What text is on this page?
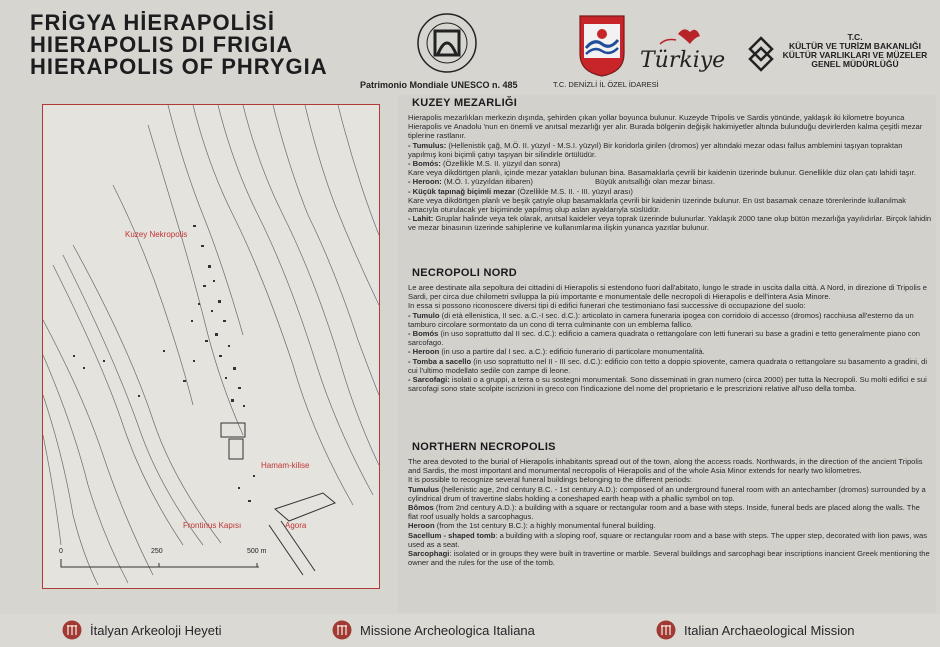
FRİGYA HİERAPOLİSİ
HIERAPOLIS DI FRIGIA
HIERAPOLIS OF PHRYGIA
Patrimonio Mondiale UNESCO n. 485	T.C. DENİZLİ İL ÖZEL İDARESİ
Türkiye
T.C.
KÜLTÜR VE TURİZM BAKANLIĞI
KÜLTÜR VARLIKLARI VE MÜZELER
GENEL MÜDÜRLÜĞÜ
Kuzey Nekropolis
Hamam-kilise
Frontinus Kapısı	Agora
0	250	500 m
KUZEY MEZARLIĞI

Hierapolis mezarlıkları merkezin dışında, şehirden çıkan yollar boyunca bulunur. Kuzeyde Tripolis ve Sardis yönünde, yaklaşık iki kilometre boyunca Hierapolis ve Anadolu 'nun en önemli ve anıtsal mezarlığı yer alır. Burada bölgenin değişik hakimiyetler altında bulunduğu devirlerden kalma çeşitli mezar tiplerine rastlanır.

- Tumulus: (Hellenistik çağ, M.Ö. II. yüzyıl - M.S.I. yüzyıl) Bir koridorla girilen (dromos) yer altındaki mezar odası fallus amblemini taşıyan topraktan yapılmış koni biçimli çatıyı taşıyan bir silindirle örtülüdür.

- Bomós: (Özellikle M.S. II. yüzyıl dan sonra)

Kare veya dikdörtgen planlı, içinde mezar yatakları bulunan bina. Basamaklarla çevrili bir kaidenin üzerinde bulunur. Genellikle düz olan çatı lahidi taşır.

- Heroon: (M.Ö. I. yüzyıldan itibaren)	Büyük anıtsallığı olan mezar binası.

- Küçük tapınağ biçimli mezar (Özellikle M.S. II. - III. yüzyıl arası)

Kare veya dikdörtgen planlı ve beşik çatıyle olup basamaklarla çevrili bir kaidenin üzerinde bulunur. En üst basamak cenaze törenlerinde kullanılmak amacıyla oturulacak yer biçiminde yapılmış olup aslan ayaklarıyla süslüdür.

- Lahit: Gruplar halinde veya tek olarak, anıtsal kaideler veya toprak üzerinde bulunurlar. Yaklaşık 2000 tane olup bütün mezarlığa yayılıdırlar. Birçok lahidin ve mezar binasının üzerinde sahiplerine ve kullanımlarına ilişkin yunanca yazıtlar bulunur.

NECROPOLI NORD

Le aree destinate alla sepoltura dei cittadini di Hierapolis si estendono fuori dall'abitato, lungo le strade in uscita dalla città. A Nord, in direzione di Tripolis e Sardi, per circa due chilometri sviluppa la più importante e monumentale delle necropoli di Hierapolis e dell'intera Asia Minore.

In essa si possono riconoscere diversi tipi di edifici funerari che testimoniano fasi successive di occupazione del suolo:

- Tumulo (di età ellenistica, II sec. a.C.-I sec. d.C.): articolato in camera funeraria ipogea con corridoio di accesso (dromos) racchiusa all'esterno da un tamburo circolare sormontato da un cono di terra culminante con un emblema fallico.

- Bomós (in uso soprattutto dal II sec. d.C.): edificio a camera quadrata o rettangolare con letti funerari su base a gradini e tetto generalmente piano con sarcofago.

- Heroon (in uso a partire dal I sec. a.C.): edificio funerario di particolare monumentalità.

- Tomba a sacello (in uso soprattutto nel II - III sec. d.C.): edificio con tetto a doppio spiovente, camera quadrata o rettangolare su basamento a gradini, di cui l'ultimo modellato sedile con zampe di leone.

- Sarcofagi: isolati o a gruppi, a terra o su sostegni monumentali. Sono disseminati in gran numero (circa 2000) per tutta la Necropoli. Su molti edifici e sui sarcofagi sono state scolpite iscrizioni in greco con l'indicazione del nome del proprietario e le prescrizioni relative all'uso della tomba.

NORTHERN NECROPOLIS

The area devoted to the burial of Hierapolis inhabitants spread out of the town, along the access roads. Northwards, in the direction of the ancient Tripolis and Sardis, the most important and monumental necropolis of Hierapolis and of the whole Asia Minor extends for nearly two kilometres.

It is possible to recognize several funeral buildings belonging to the different periods:

Tumulus (hellenistic age, 2nd century B.C. - 1st century A.D.): composed of an underground funeral room with an antechamber (dromos) surrounded by a cylindrical drum of travertine slabs holding a coneshaped earth heap with a phallic symbol on top.

Bômos (from 2nd century A.D.): a building with a square or rectangular room and a base with steps. Inside, funeral beds are placed along the walls. The flat roof usually holds a sarcophagus.

Heroon (from the 1st century B.C.): a highly monumental funeral building.

Sacellum - shaped tomb: a building with a sloping roof, square or rectangular room and a base with steps. The upper step, decorated with lion paws, was used as a seat.

Sarcophagi: isolated or in groups they were built in travertine or marble. Several buildings and sarcophagi bear inscriptions inancient Greek mentioning the owner and the rules for the use of the tomb.

İtalyan Arkeoloji Heyeti	Missione Archeologica Italiana	Italian Archaeological Mission
